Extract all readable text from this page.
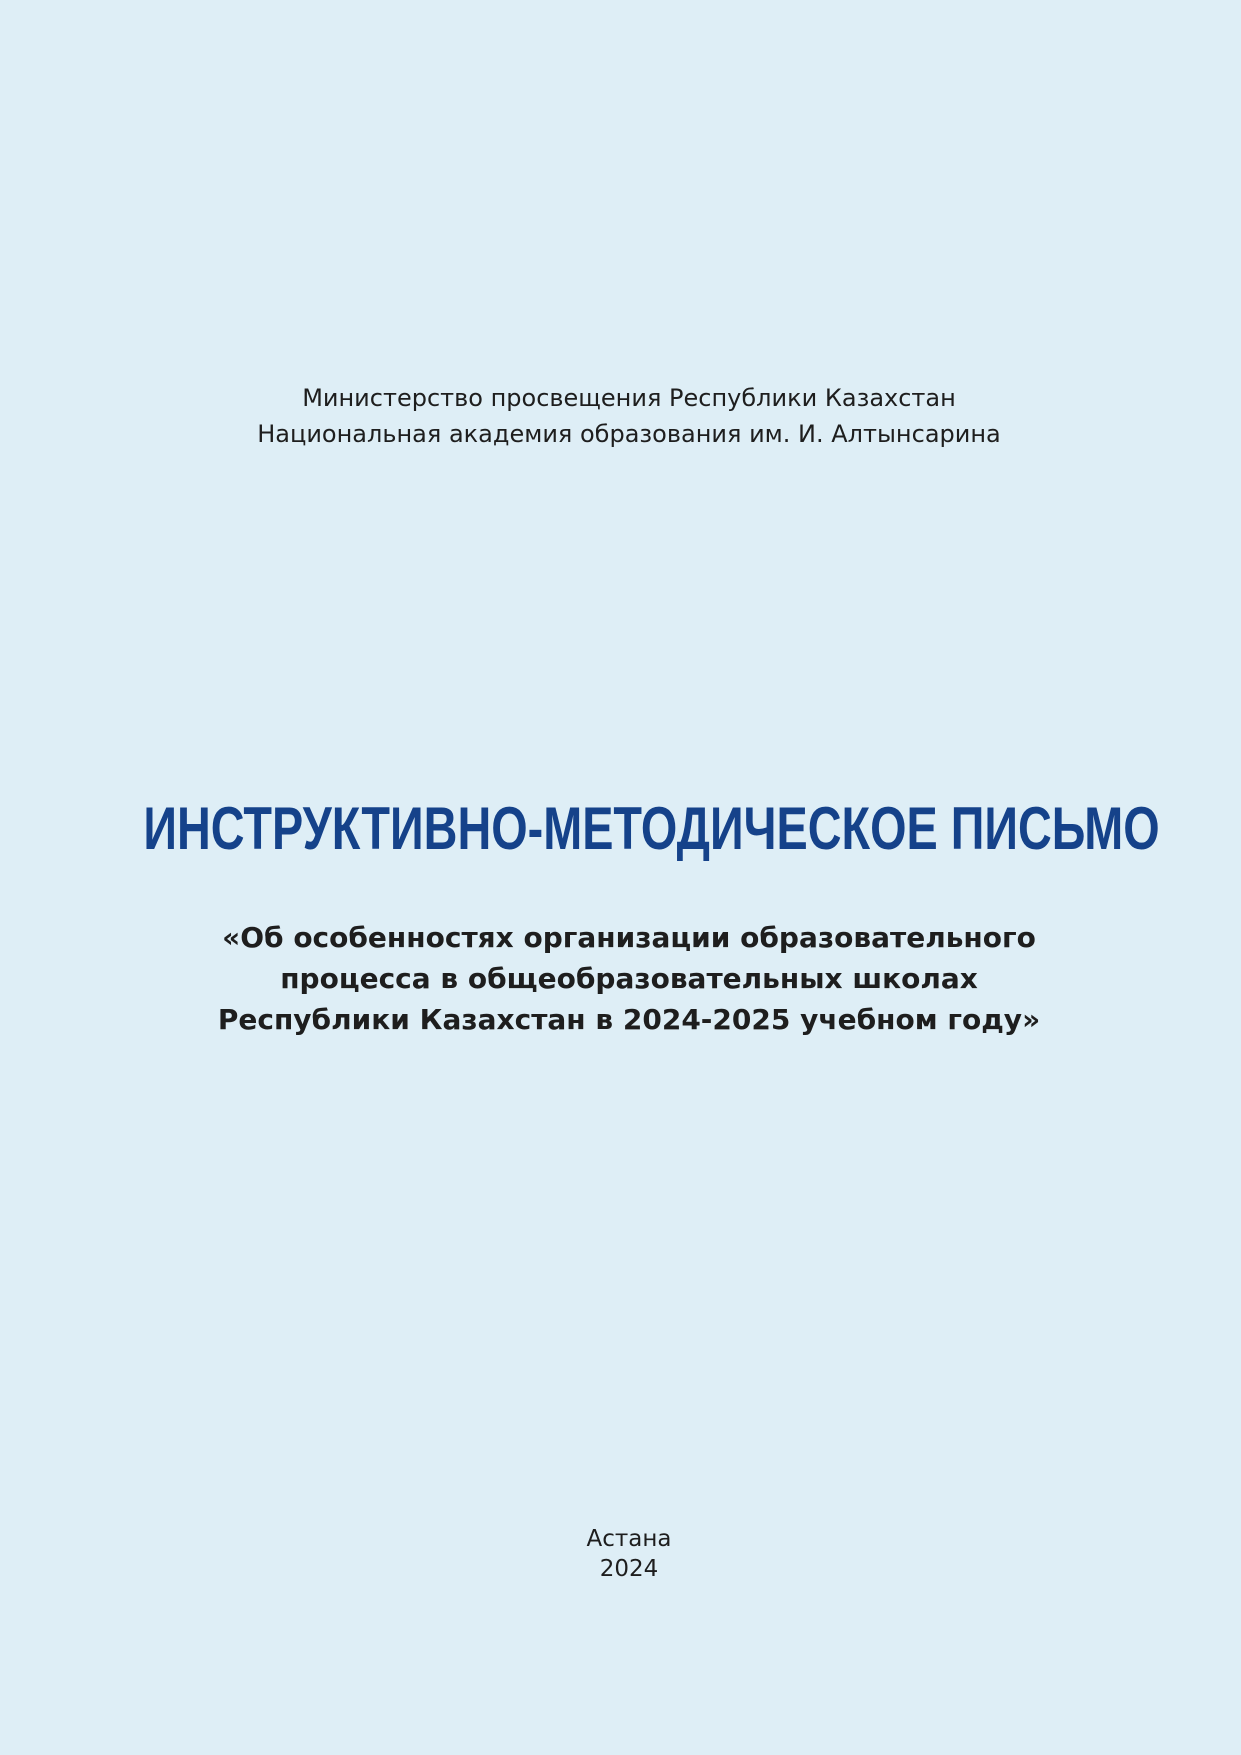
Министерство просвещения Республики Казахстан
Национальная академия образования им. И. Алтынсарина
ИНСТРУКТИВНО-МЕТОДИЧЕСКОЕ ПИСЬМО
«Об особенностях организации образовательного
процесса в общеобразовательных школах
Республики Казахстан в 2024-2025 учебном году»
Астана
2024
